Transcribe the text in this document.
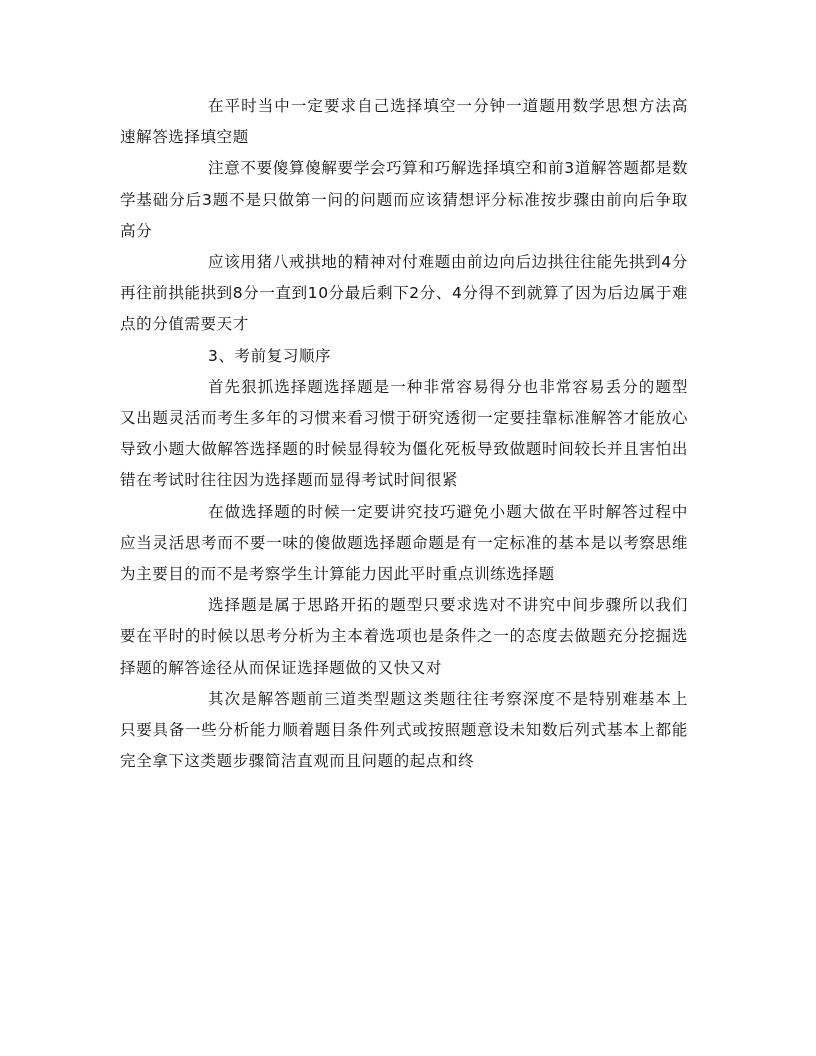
在平时当中一定要求自己选择填空一分钟一道题用数学思想方法高速解答选择填空题

注意不要傻算傻解要学会巧算和巧解选择填空和前3道解答题都是数学基础分后3题不是只做第一问的问题而应该猜想评分标准按步骤由前向后争取高分

应该用猪八戒拱地的精神对付难题由前边向后边拱往往能先拱到4分再往前拱能拱到8分一直到10分最后剩下2分、4分得不到就算了因为后边属于难点的分值需要天才

3、考前复习顺序

首先狠抓选择题选择题是一种非常容易得分也非常容易丢分的题型又出题灵活而考生多年的习惯来看习惯于研究透彻一定要挂靠标准解答才能放心导致小题大做解答选择题的时候显得较为僵化死板导致做题时间较长并且害怕出错在考试时往往因为选择题而显得考试时间很紧

在做选择题的时候一定要讲究技巧避免小题大做在平时解答过程中应当灵活思考而不要一味的傻做题选择题命题是有一定标准的基本是以考察思维为主要目的而不是考察学生计算能力因此平时重点训练选择题

选择题是属于思路开拓的题型只要求选对不讲究中间步骤所以我们要在平时的时候以思考分析为主本着选项也是条件之一的态度去做题充分挖掘选择题的解答途径从而保证选择题做的又快又对

其次是解答题前三道类型题这类题往往考察深度不是特别难基本上只要具备一些分析能力顺着题目条件列式或按照题意设未知数后列式基本上都能完全拿下这类题步骤简洁直观而且问题的起点和终
